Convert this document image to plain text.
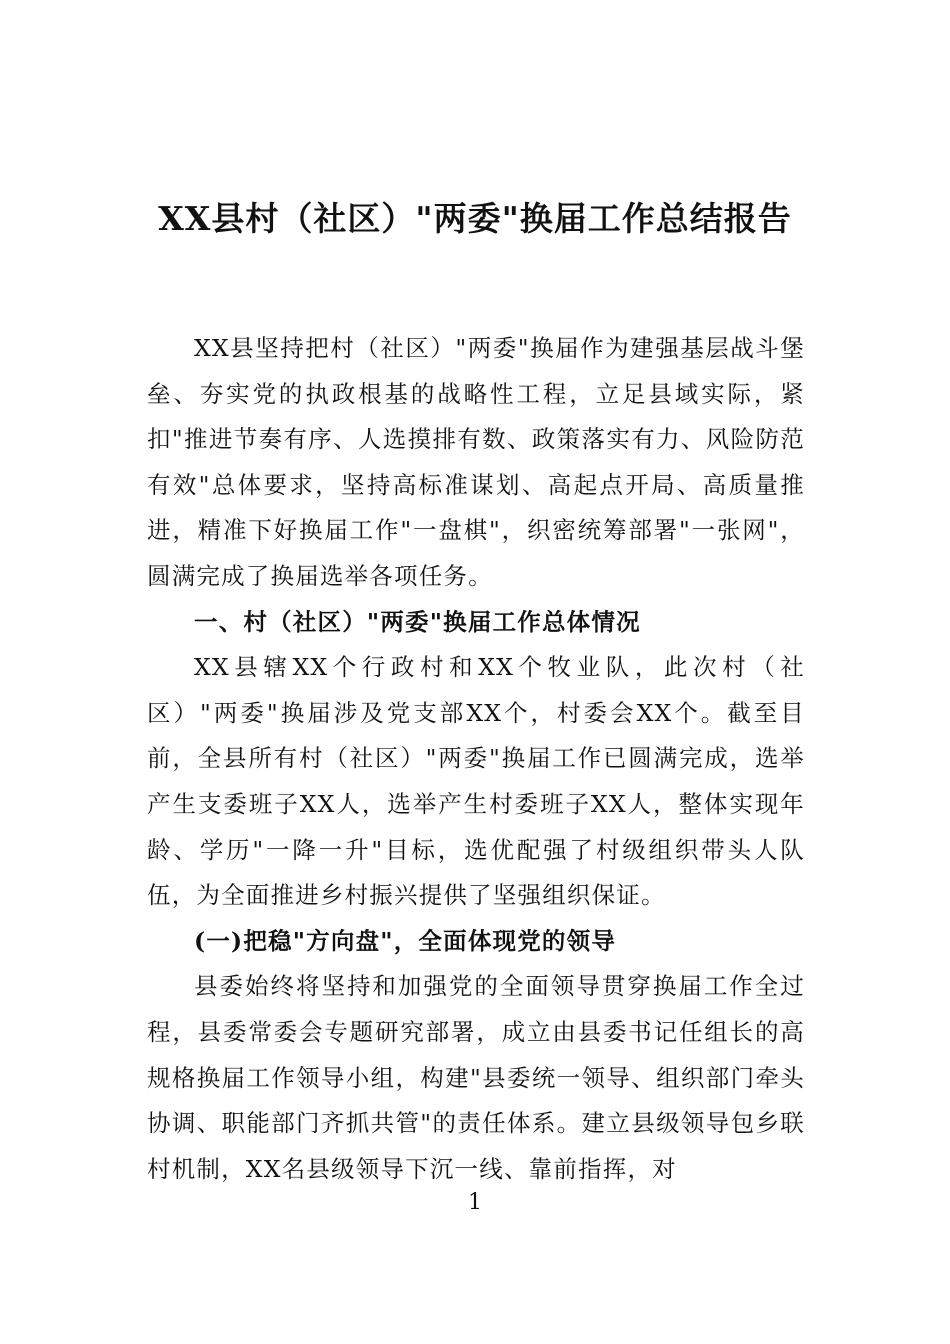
XX县村（社区）"两委"换届工作总结报告

XX县坚持把村（社区）"两委"换届作为建强基层战斗堡垒、夯实党的执政根基的战略性工程，立足县域实际，紧扣"推进节奏有序、人选摸排有数、政策落实有力、风险防范有效"总体要求，坚持高标准谋划、高起点开局、高质量推进，精准下好换届工作"一盘棋"，织密统筹部署"一张网"，圆满完成了换届选举各项任务。

一、村（社区）"两委"换届工作总体情况

XX县辖XX个行政村和XX个牧业队，此次村（社区）"两委"换届涉及党支部XX个，村委会XX个。截至目前，全县所有村（社区）"两委"换届工作已圆满完成，选举产生支委班子XX人，选举产生村委班子XX人，整体实现年龄、学历"一降一升"目标，选优配强了村级组织带头人队伍，为全面推进乡村振兴提供了坚强组织保证。

(一)把稳"方向盘"，全面体现党的领导

县委始终将坚持和加强党的全面领导贯穿换届工作全过程，县委常委会专题研究部署，成立由县委书记任组长的高规格换届工作领导小组，构建"县委统一领导、组织部门牵头协调、职能部门齐抓共管"的责任体系。建立县级领导包乡联村机制，XX名县级领导下沉一线、靠前指挥，对

1
